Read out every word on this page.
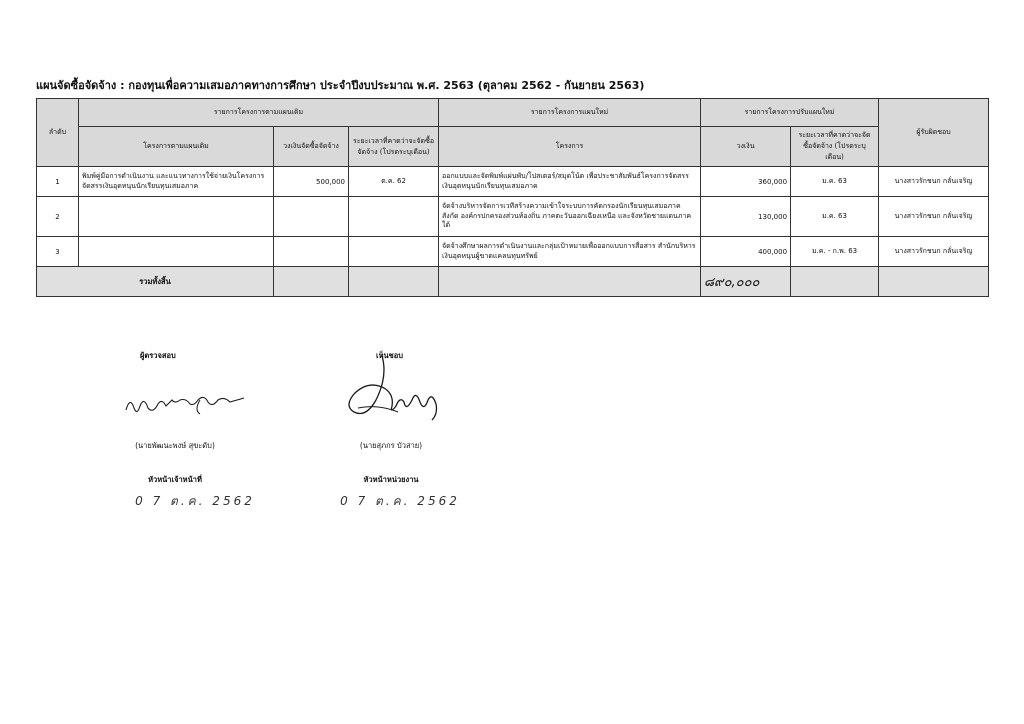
แผนจัดซื้อจัดจ้าง : กองทุนเพื่อความเสมอภาคทางการศึกษา ประจำปีงบประมาณ พ.ศ. 2563 (ตุลาคม 2562 - กันยายน 2563)
ลำดับ	รายการโครงการตามแผนเดิม			รายการโครงการแผนใหม่	รายการโครงการปรับแผนใหม่		ผู้รับผิดชอบ
	โครงการตามแผนเดิม	วงเงินจัดซื้อจัดจ้าง	ระยะเวลาที่คาดว่าจะจัดซื้อจัดจ้าง (โปรดระบุเดือน)	โครงการ	วงเงิน	ระยะเวลาที่คาดว่าจะจัดซื้อจัดจ้าง (โปรดระบุเดือน)	
1	พิมพ์คู่มือการดำเนินงาน และแนวทางการใช้จ่ายเงินโครงการจัดสรรเงินอุดหนุนนักเรียนทุนเสมอภาค	500,000	ต.ค. 62	ออกแบบและจัดพิมพ์แผ่นพับ/โปสเตอร์/สมุดโน้ต เพื่อประชาสัมพันธ์โครงการจัดสรรเงินอุดหนุนนักเรียนทุนเสมอภาค	360,000	ม.ค. 63	นางสาวรักชนก กลั่นเจริญ
2				จัดจ้างบริหารจัดการเวทีสร้างความเข้าใจระบบการคัดกรองนักเรียนทุนเสมอภาค สังกัด องค์กรปกครองส่วนท้องถิ่น ภาคตะวันออกเฉียงเหนือ และจังหวัดชายแดนภาคใต้	130,000	ม.ค. 63	นางสาวรักชนก กลั่นเจริญ
3				จัดจ้างศึกษาผลการดำเนินงานและกลุ่มเป้าหมายเพื่อออกแบบการสื่อสาร สำนักบริหารเงินอุดหนุนผู้ขาดแคลนทุนทรัพย์	400,000	ม.ค. - ก.พ. 63	นางสาวรักชนก กลั่นเจริญ
รวมทั้งสิ้น					๘๙๐,๐๐๐		
ผู้ตรวจสอบ
(นายพัฒนะพงษ์ สุขะดับ)
หัวหน้าเจ้าหน้าที่
0 7 ต.ค. 2562
เห็นชอบ
(นายสุภกร บัวสาย)
หัวหน้าหน่วยงาน
0 7 ต.ค. 2562
